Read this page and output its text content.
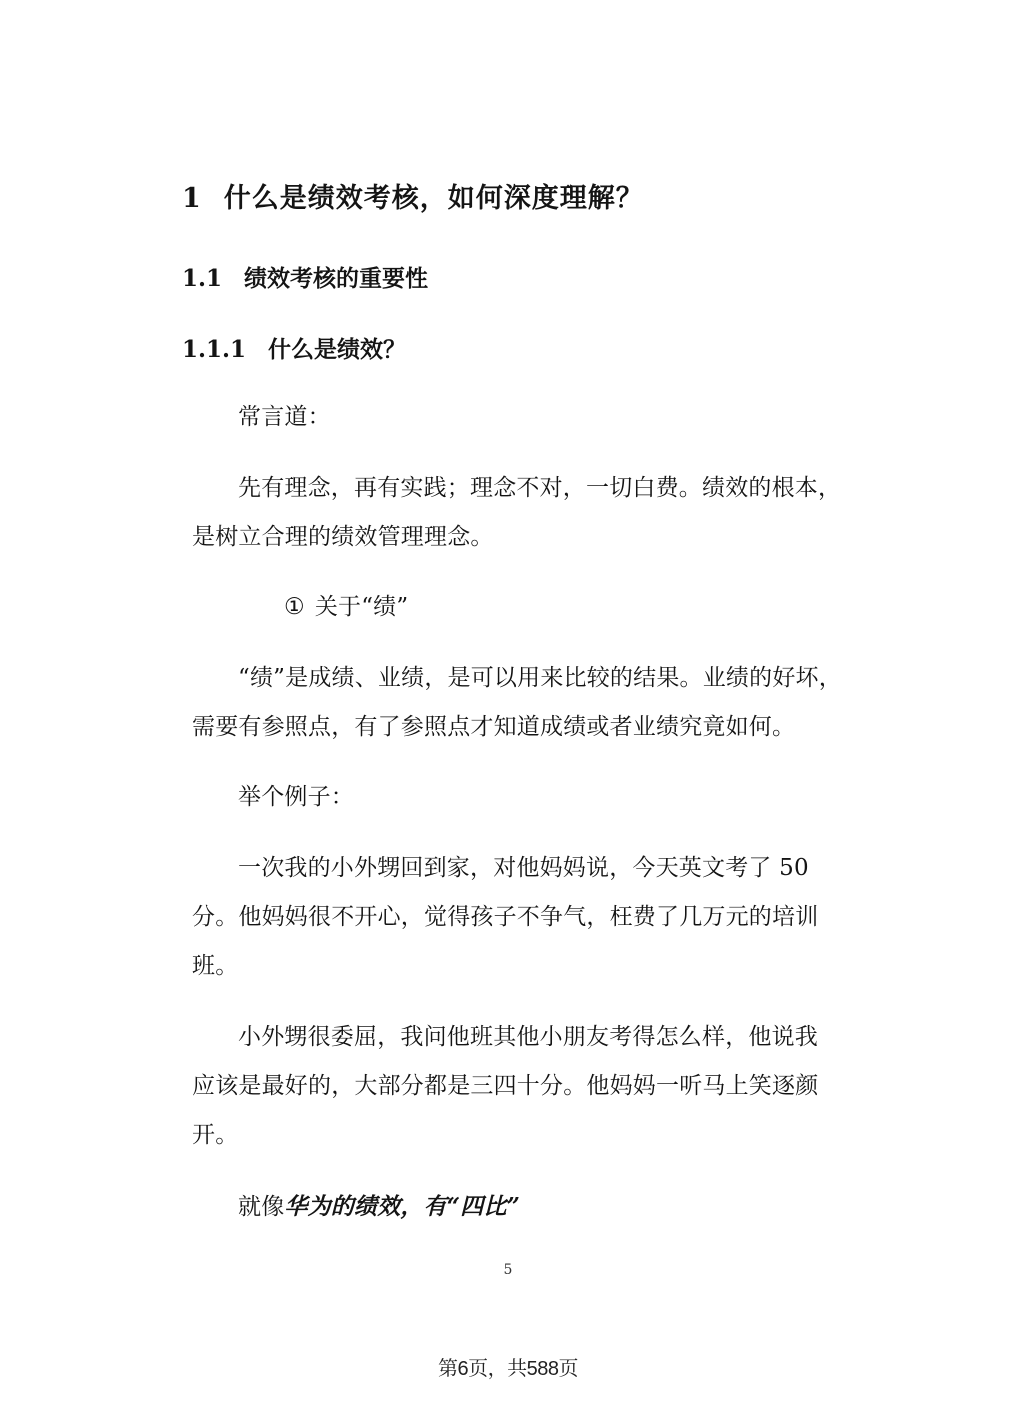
1 什么是绩效考核，如何深度理解？
1.1 绩效考核的重要性
1.1.1 什么是绩效？
常言道：
先有理念，再有实践；理念不对，一切白费。绩效的根本，
是树立合理的绩效管理理念。
① 关于“绩”
“绩”是成绩、业绩，是可以用来比较的结果。业绩的好坏，
需要有参照点，有了参照点才知道成绩或者业绩究竟如何。
举个例子：
一次我的小外甥回到家，对他妈妈说，今天英文考了 50
分。他妈妈很不开心，觉得孩子不争气，枉费了几万元的培训
班。
小外甥很委屈，我问他班其他小朋友考得怎么样，他说我
应该是最好的，大部分都是三四十分。他妈妈一听马上笑逐颜
开。
就像华为的绩效，有“四比”
5
第6页，共588页
